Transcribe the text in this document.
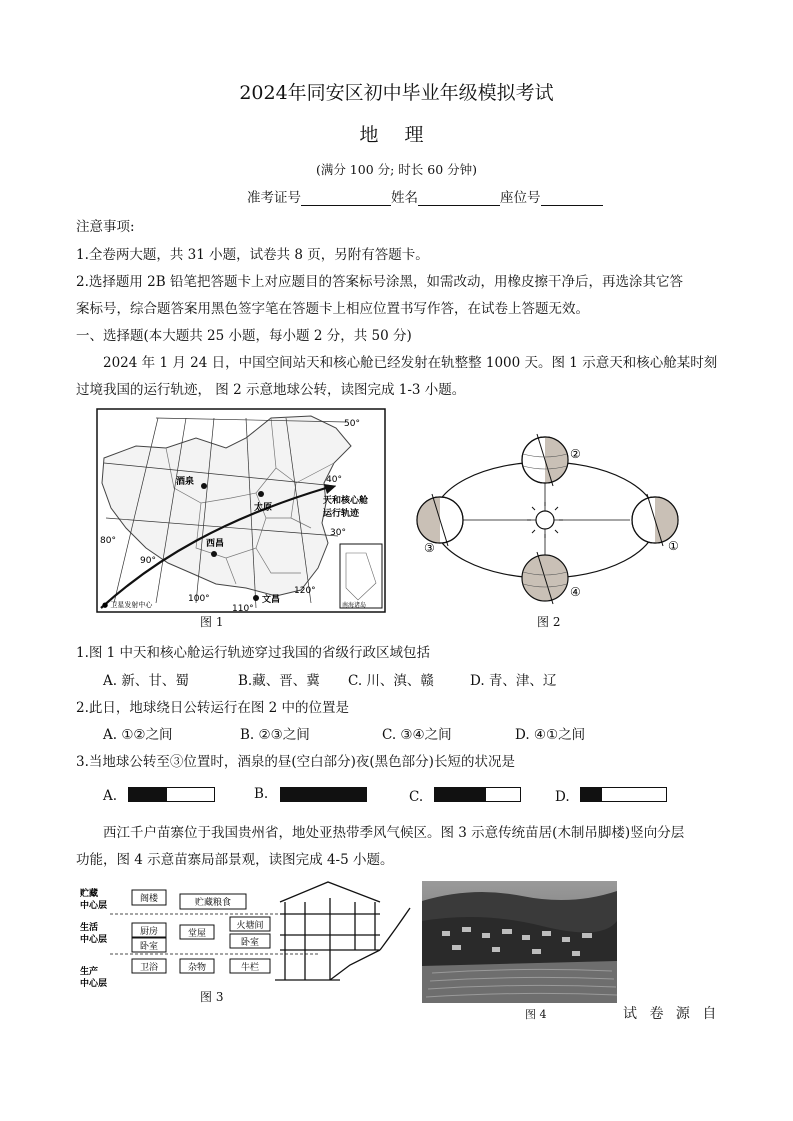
2024年同安区初中毕业年级模拟考试
地 理
(满分 100 分; 时长 60 分钟)
准考证号	姓名	座位号
注意事项:
1.全卷两大题，共 31 小题，试卷共 8 页，另附有答题卡。
2.选择题用 2B 铅笔把答题卡上对应题目的答案标号涂黑，如需改动，用橡皮擦干净后，再选涂其它答
案标号，综合题答案用黑色签字笔在答题卡上相应位置书写作答，在试卷上答题无效。
一、选择题(本大题共 25 小题，每小题 2 分，共 50 分)
2024 年 1 月 24 日，中国空间站天和核心舱已经发射在轨整整 1000 天。图 1 示意天和核心舱某时刻
过境我国的运行轨迹， 图 2 示意地球公转，读图完成 1-3 小题。
50°
40°
30°
80°
90°
100°
110°
120°
酒泉
太原
西昌
文昌
天和核心舱
运行轨迹
● 卫星发射中心	南海诸岛
图 1
②
①
③
④
图 2
1.图 1 中天和核心舱运行轨迹穿过我国的省级行政区域包括
A. 新、甘、蜀	B.藏、晋、冀 C. 川、滇、赣	D. 青、津、辽
2.此日，地球绕日公转运行在图 2 中的位置是
A. ①②之间	B. ②③之间	C. ③④之间	D. ④①之间
3.当地球公转至③位置时，酒泉的昼(空白部分)夜(黑色部分)长短的状况是
A.	B.	C.	D.
西江千户苗寨位于我国贵州省，地处亚热带季风气候区。图 3 示意传统苗居(木制吊脚楼)竖向分层
功能，图 4 示意苗寨局部景观，读图完成 4-5 小题。
贮藏
中心层
生活
中心层
生产
中心层
阁楼	贮藏粮食
火塘间
厨房	堂屋
卧室	卧室
卫浴	杂物	牛栏
图 3
图 4	试 卷 源 自
